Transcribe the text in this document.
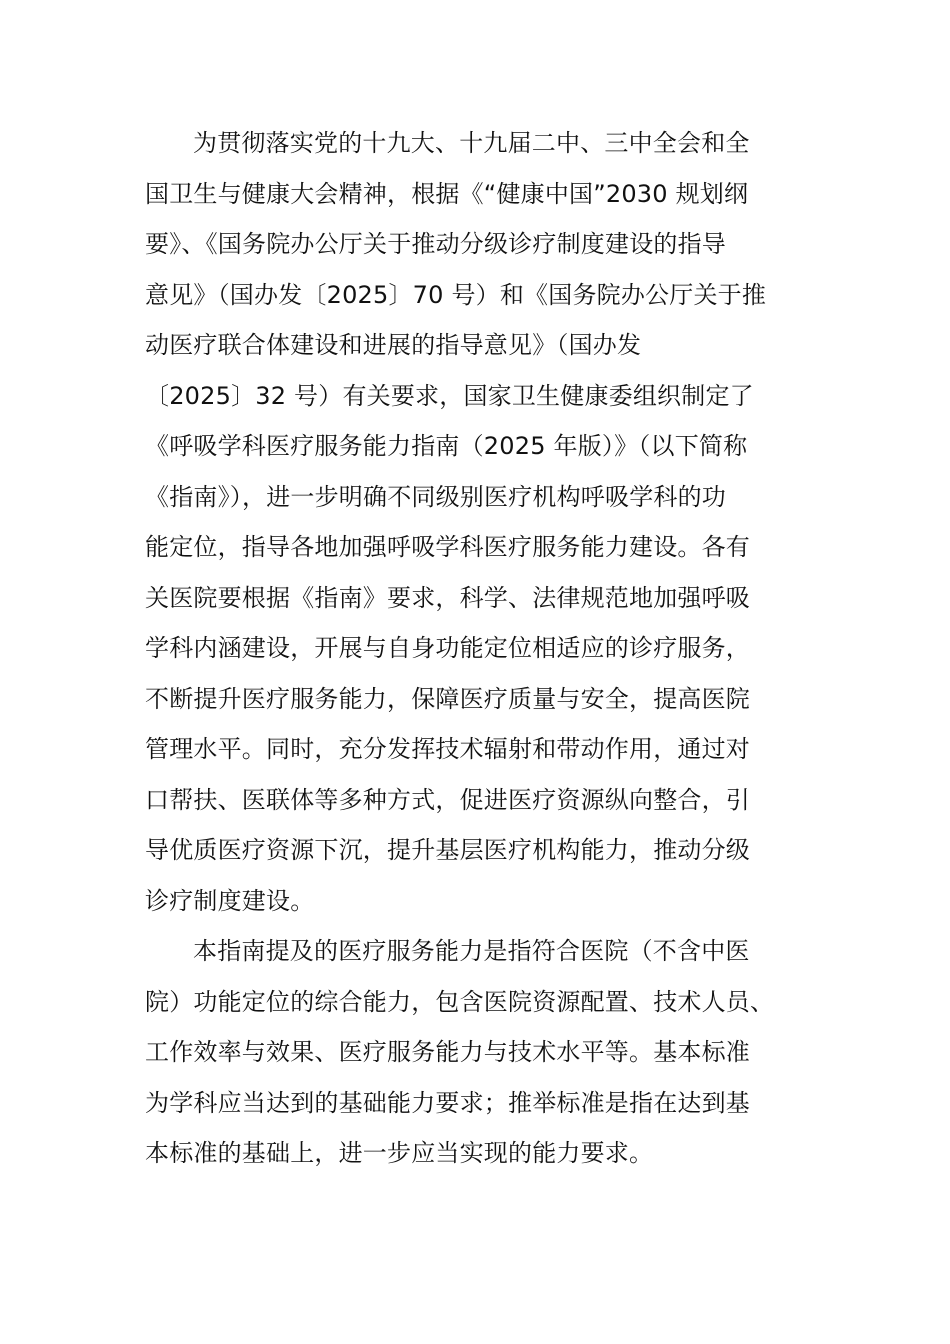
为贯彻落实党的十九大、十九届二中、三中全会和全
国卫生与健康大会精神，根据《“健康中国”2030 规划纲
要》、《国务院办公厅关于推动分级诊疗制度建设的指导
意见》（国办发〔2025〕70 号）和《国务院办公厅关于推
动医疗联合体建设和进展的指导意见》（国办发
〔2025〕32 号）有关要求，国家卫生健康委组织制定了
《呼吸学科医疗服务能力指南（2025 年版）》（以下简称
《指南》），进一步明确不同级别医疗机构呼吸学科的功
能定位，指导各地加强呼吸学科医疗服务能力建设。各有
关医院要根据《指南》要求，科学、法律规范地加强呼吸
学科内涵建设，开展与自身功能定位相适应的诊疗服务，
不断提升医疗服务能力，保障医疗质量与安全，提高医院
管理水平。同时，充分发挥技术辐射和带动作用，通过对
口帮扶、医联体等多种方式，促进医疗资源纵向整合，引
导优质医疗资源下沉，提升基层医疗机构能力，推动分级
诊疗制度建设。
本指南提及的医疗服务能力是指符合医院（不含中医
院）功能定位的综合能力，包含医院资源配置、技术人员、
工作效率与效果、医疗服务能力与技术水平等。基本标准
为学科应当达到的基础能力要求；推举标准是指在达到基
本标准的基础上，进一步应当实现的能力要求。
